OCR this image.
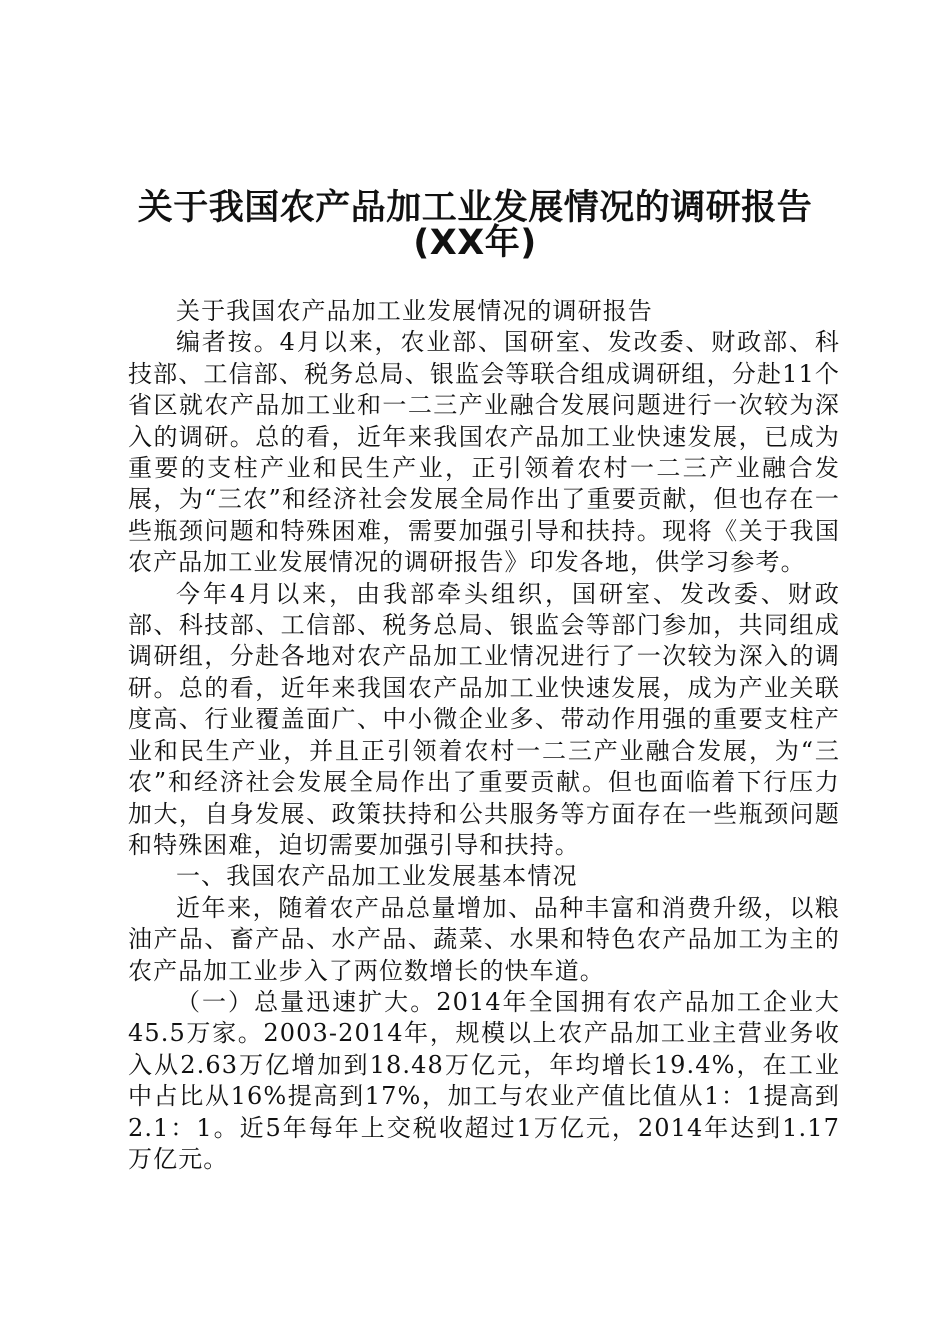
关于我国农产品加工业发展情况的调研报告
(XX年)

关于我国农产品加工业发展情况的调研报告

编者按。4月以来，农业部、国研室、发改委、财政部、科技部、工信部、税务总局、银监会等联合组成调研组，分赴11个省区就农产品加工业和一二三产业融合发展问题进行一次较为深入的调研。总的看，近年来我国农产品加工业快速发展，已成为重要的支柱产业和民生产业，正引领着农村一二三产业融合发展，为“三农”和经济社会发展全局作出了重要贡献，但也存在一些瓶颈问题和特殊困难，需要加强引导和扶持。现将《关于我国农产品加工业发展情况的调研报告》印发各地，供学习参考。

今年4月以来，由我部牵头组织，国研室、发改委、财政部、科技部、工信部、税务总局、银监会等部门参加，共同组成调研组，分赴各地对农产品加工业情况进行了一次较为深入的调研。总的看，近年来我国农产品加工业快速发展，成为产业关联度高、行业覆盖面广、中小微企业多、带动作用强的重要支柱产业和民生产业，并且正引领着农村一二三产业融合发展，为“三农”和经济社会发展全局作出了重要贡献。但也面临着下行压力加大，自身发展、政策扶持和公共服务等方面存在一些瓶颈问题和特殊困难，迫切需要加强引导和扶持。

一、我国农产品加工业发展基本情况

近年来，随着农产品总量增加、品种丰富和消费升级，以粮油产品、畜产品、水产品、蔬菜、水果和特色农产品加工为主的农产品加工业步入了两位数增长的快车道。

（一）总量迅速扩大。2014年全国拥有农产品加工企业大45.5万家。2003-2014年，规模以上农产品加工业主营业务收入从2.63万亿增加到18.48万亿元，年均增长19.4%，在工业中占比从16%提高到17%，加工与农业产值比值从1：1提高到2.1：1。近5年每年上交税收超过1万亿元，2014年达到1.17万亿元。
